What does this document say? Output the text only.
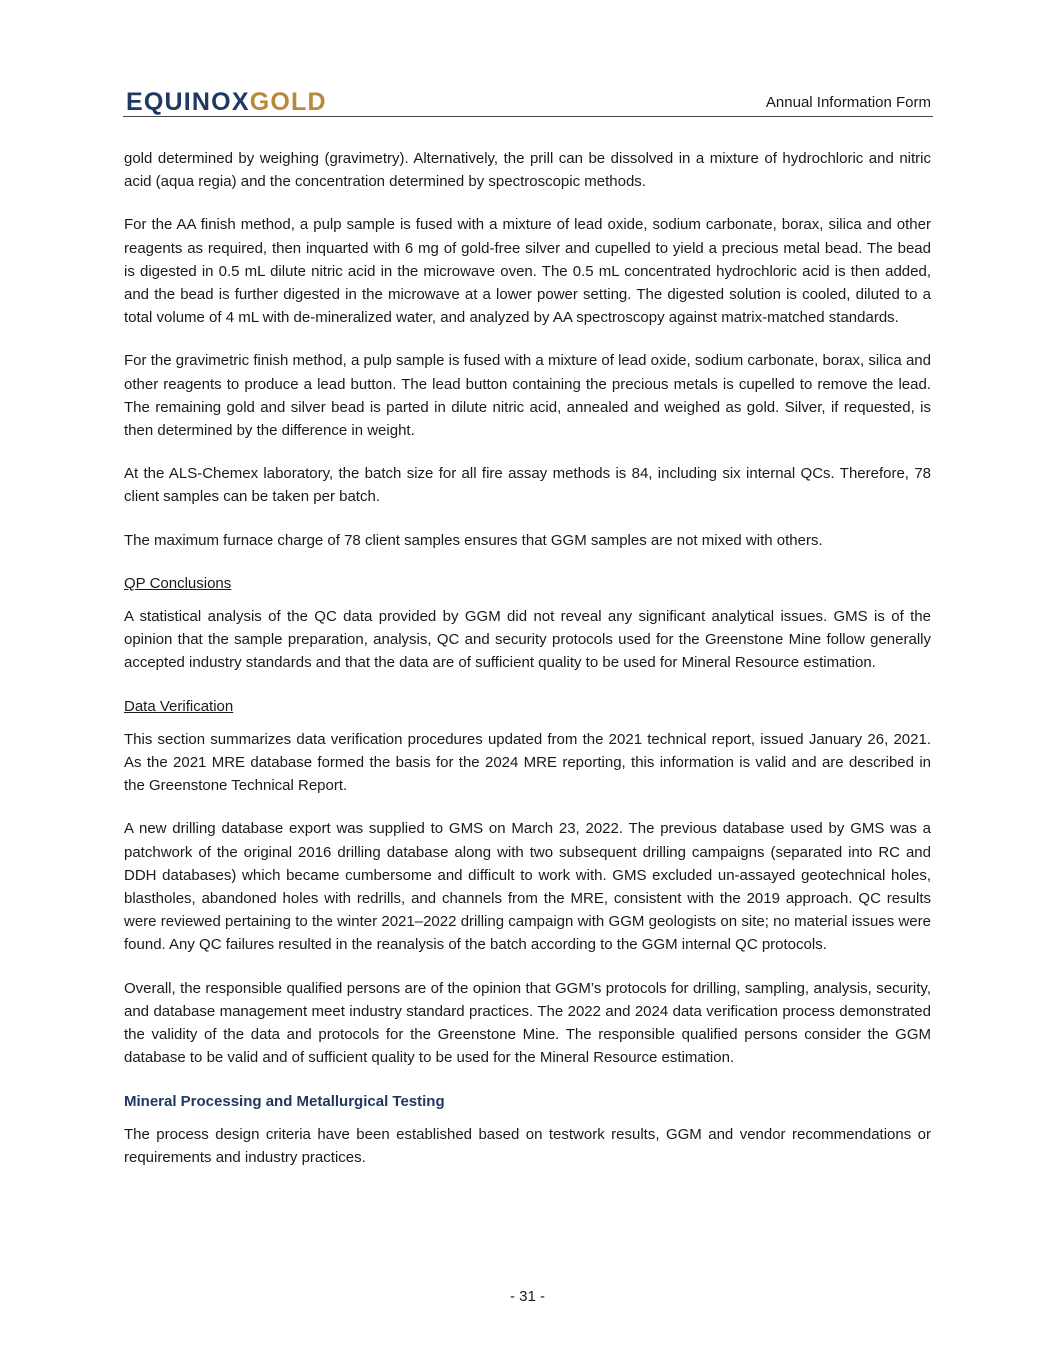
EQUINOXGOLD	Annual Information Form

gold determined by weighing (gravimetry). Alternatively, the prill can be dissolved in a mixture of hydrochloric and nitric acid (aqua regia) and the concentration determined by spectroscopic methods.

For the AA finish method, a pulp sample is fused with a mixture of lead oxide, sodium carbonate, borax, silica and other reagents as required, then inquarted with 6 mg of gold-free silver and cupelled to yield a precious metal bead. The bead is digested in 0.5 mL dilute nitric acid in the microwave oven. The 0.5 mL concentrated hydrochloric acid is then added, and the bead is further digested in the microwave at a lower power setting. The digested solution is cooled, diluted to a total volume of 4 mL with de-mineralized water, and analyzed by AA spectroscopy against matrix-matched standards.

For the gravimetric finish method, a pulp sample is fused with a mixture of lead oxide, sodium carbonate, borax, silica and other reagents to produce a lead button. The lead button containing the precious metals is cupelled to remove the lead. The remaining gold and silver bead is parted in dilute nitric acid, annealed and weighed as gold. Silver, if requested, is then determined by the difference in weight.

At the ALS-Chemex laboratory, the batch size for all fire assay methods is 84, including six internal QCs. Therefore, 78 client samples can be taken per batch.

The maximum furnace charge of 78 client samples ensures that GGM samples are not mixed with others.

QP Conclusions

A statistical analysis of the QC data provided by GGM did not reveal any significant analytical issues. GMS is of the opinion that the sample preparation, analysis, QC and security protocols used for the Greenstone Mine follow generally accepted industry standards and that the data are of sufficient quality to be used for Mineral Resource estimation.

Data Verification

This section summarizes data verification procedures updated from the 2021 technical report, issued January 26, 2021. As the 2021 MRE database formed the basis for the 2024 MRE reporting, this information is valid and are described in the Greenstone Technical Report.

A new drilling database export was supplied to GMS on March 23, 2022. The previous database used by GMS was a patchwork of the original 2016 drilling database along with two subsequent drilling campaigns (separated into RC and DDH databases) which became cumbersome and difficult to work with. GMS excluded un-assayed geotechnical holes, blastholes, abandoned holes with redrills, and channels from the MRE, consistent with the 2019 approach. QC results were reviewed pertaining to the winter 2021–2022 drilling campaign with GGM geologists on site; no material issues were found. Any QC failures resulted in the reanalysis of the batch according to the GGM internal QC protocols.

Overall, the responsible qualified persons are of the opinion that GGM’s protocols for drilling, sampling, analysis, security, and database management meet industry standard practices. The 2022 and 2024 data verification process demonstrated the validity of the data and protocols for the Greenstone Mine. The responsible qualified persons consider the GGM database to be valid and of sufficient quality to be used for the Mineral Resource estimation.

Mineral Processing and Metallurgical Testing

The process design criteria have been established based on testwork results, GGM and vendor recommendations or requirements and industry practices.

- 31 -
